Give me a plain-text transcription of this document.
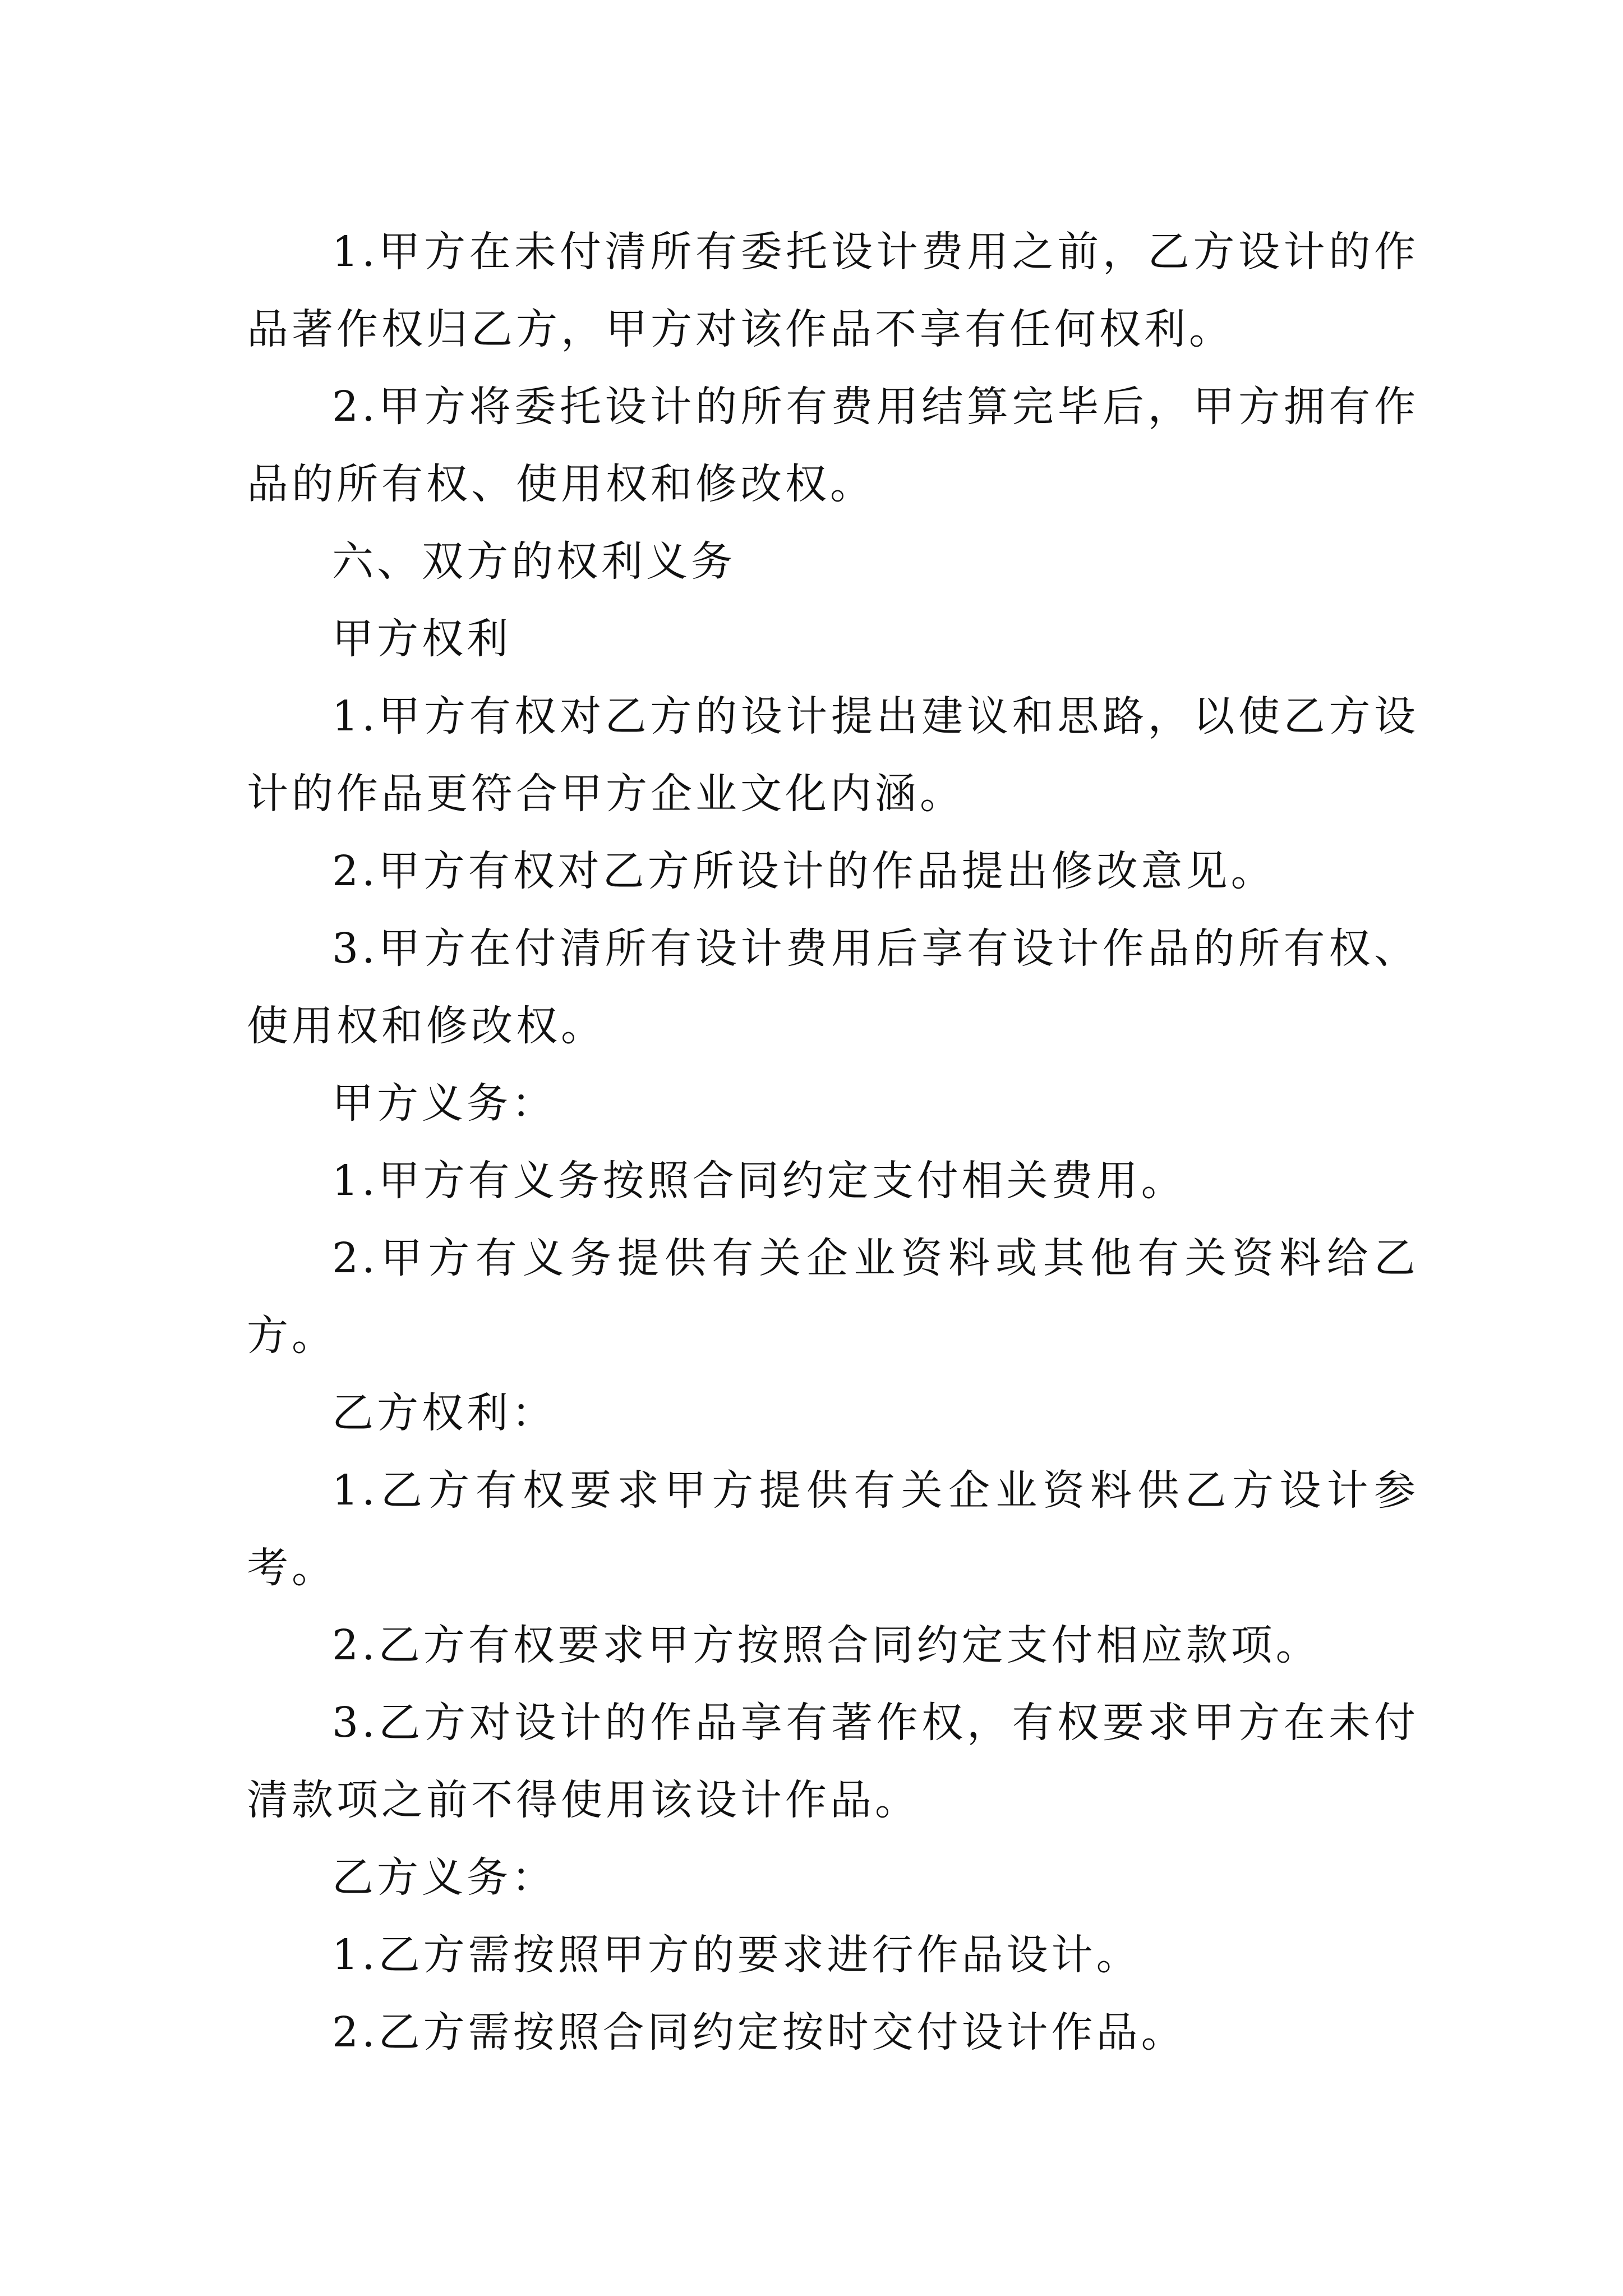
1.甲方在未付清所有委托设计费用之前，乙方设计的作品著作权归乙方，甲方对该作品不享有任何权利。

2.甲方将委托设计的所有费用结算完毕后，甲方拥有作品的所有权、使用权和修改权。

六、双方的权利义务

甲方权利

1.甲方有权对乙方的设计提出建议和思路，以使乙方设计的作品更符合甲方企业文化内涵。

2.甲方有权对乙方所设计的作品提出修改意见。

3.甲方在付清所有设计费用后享有设计作品的所有权、使用权和修改权。

甲方义务：

1.甲方有义务按照合同约定支付相关费用。

2.甲方有义务提供有关企业资料或其他有关资料给乙方。

乙方权利：

1.乙方有权要求甲方提供有关企业资料供乙方设计参考。

2.乙方有权要求甲方按照合同约定支付相应款项。

3.乙方对设计的作品享有著作权，有权要求甲方在未付清款项之前不得使用该设计作品。

乙方义务：

1.乙方需按照甲方的要求进行作品设计。

2.乙方需按照合同约定按时交付设计作品。
